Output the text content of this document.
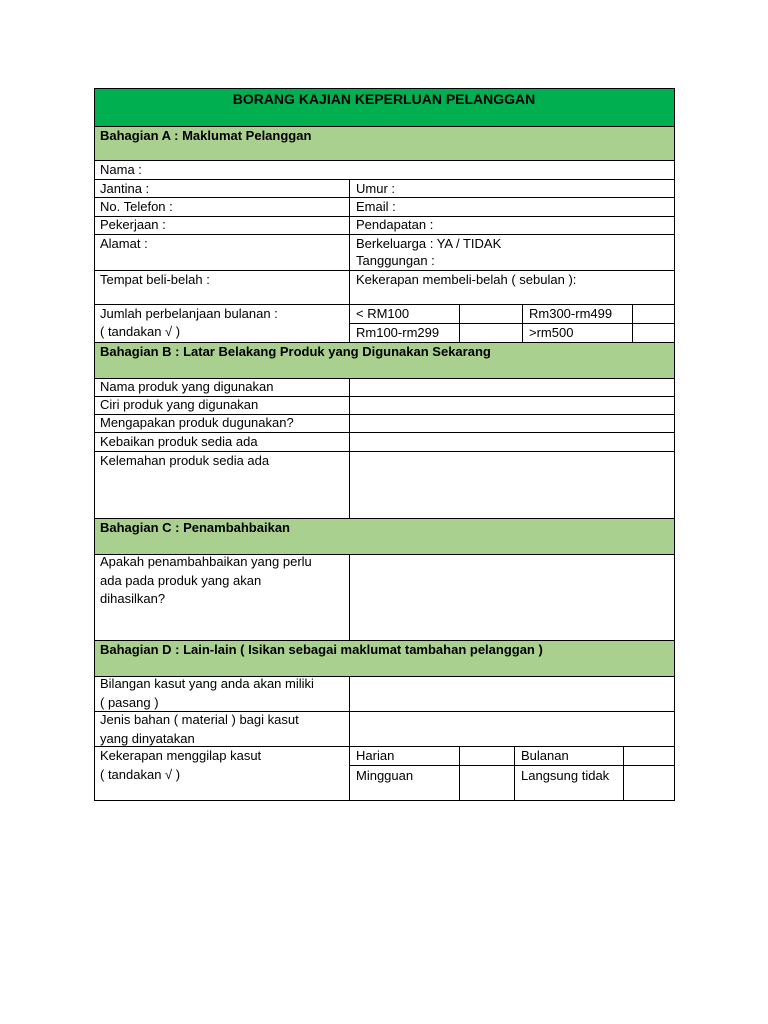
BORANG KAJIAN KEPERLUAN PELANGGAN
Bahagian A : Maklumat Pelanggan
Nama :
Jantina :	Umur :
No. Telefon :	Email :
Pekerjaan :	Pendapatan :
Alamat :	Berkeluarga : YA / TIDAK
Tanggungan :
Tempat beli-belah :	Kekerapan membeli-belah ( sebulan ):
Jumlah perbelanjaan bulanan :
( tandakan √ )
< RM100	Rm300-rm499
Rm100-rm299	>rm500
Bahagian B : Latar Belakang Produk yang Digunakan Sekarang
Nama produk yang digunakan
Ciri produk yang digunakan
Mengapakan produk dugunakan?
Kebaikan produk sedia ada
Kelemahan produk sedia ada
Bahagian C : Penambahbaikan
Apakah penambahbaikan yang perlu
ada pada produk yang akan
dihasilkan?
Bahagian D : Lain-lain ( Isikan sebagai maklumat tambahan pelanggan )
Bilangan kasut yang anda akan miliki
( pasang )
Jenis bahan ( material ) bagi kasut
yang dinyatakan
Kekerapan menggilap kasut
( tandakan √ )
Harian	Bulanan
Mingguan	Langsung tidak
